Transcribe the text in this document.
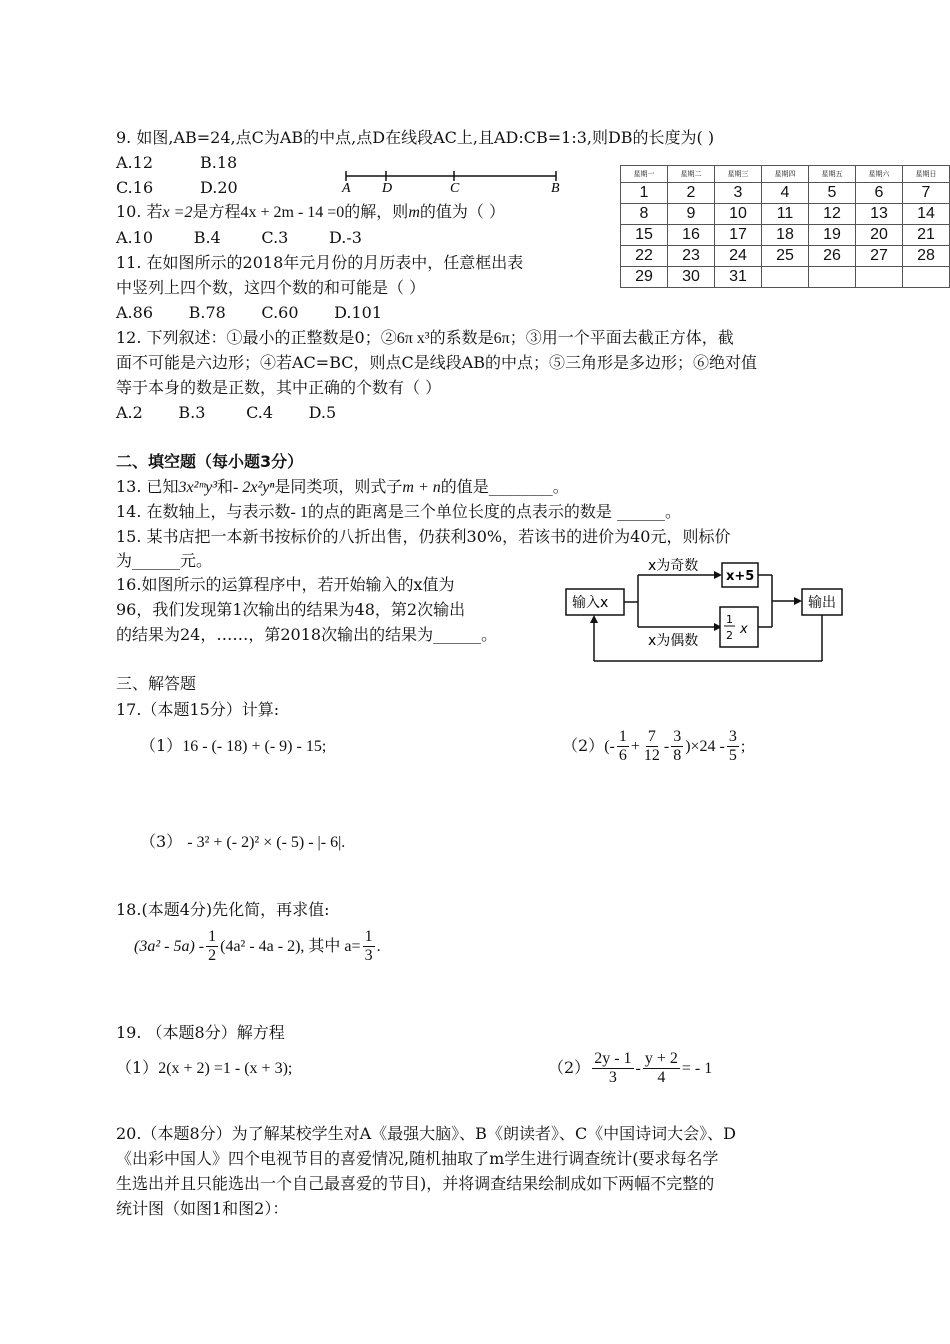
9. 如图,AB=24,点C为AB的中点,点D在线段AC上,且AD:CB=1:3,则DB的长度为( )
A.12	B.18
C.16	D.20	A D	C	B
星期一	星期二	星期三	星期四	星期五	星期六	星期日
1	2	3	4	5	6	7
8	9	10	11	12	13	14
15	16	17	18	19	20	21
22	23	24	25	26	27	28
29	30	31				
10. 若x =2是方程4x + 2m - 14 =0的解，则m的值为（ ）
A.10        B.4        C.3        D.-3
11. 在如图所示的2018年元月份的月历表中，任意框出表
中竖列上四个数，这四个数的和可能是（ ）
A.86       B.78       C.60       D.101
12. 下列叙述：①最小的正整数是0；②6π x³的系数是6π；③用一个平面去截正方体，截
面不可能是六边形；④若AC=BC，则点C是线段AB的中点；⑤三角形是多边形；⑥绝对值
等于本身的数是正数，其中正确的个数有（ ）
A.2       B.3        C.4       D.5
二、填空题（每小题3分）
13. 已知3x²ᵐy³和- 2x²yⁿ是同类项，则式子m + n的值是________。
14. 在数轴上，与表示数- 1的点的距离是三个单位长度的点表示的数是 ______。
15. 某书店把一本新书按标价的八折出售，仍获利30%，若该书的进价为40元，则标价
为______元。
16.如图所示的运算程序中，若开始输入的x值为
96，我们发现第1次输出的结果为48，第2次输出
的结果为24，……，第2018次输出的结果为______。
输入x
x为奇数
x为偶数
x+5
1
2 x
输出
三、解答题
17.（本题15分）计算:
（1）16 - (- 18) + (- 9) - 15;	$(2)(- \frac{1}{6} + \frac{7}{12} - \frac{3}{8} )\times 24 - \frac{3}{5}$ ;
（3） - 3² + (- 2)² × (- 5) - |- 6|.
18.(本题4分)先化简，再求值:
$(3a^2 - 5a) - \frac{1}{2} (4a^2 - 4a - 2)$, 其中 $a= \frac{1}{3}$ .
19. （本题8分）解方程
（1）2(x + 2) =1 - (x + 3);	$(2) \frac{2y - 1}{3} - \frac{y + 2}{4}$ = - 1
20.（本题8分）为了解某校学生对A《最强大脑》、B《朗读者》、C《中国诗词大会》、D
《出彩中国人》四个电视节目的喜爱情况,随机抽取了m学生进行调查统计(要求每名学
生选出并且只能选出一个自己最喜爱的节目)，并将调查结果绘制成如下两幅不完整的
统计图（如图1和图2）：
